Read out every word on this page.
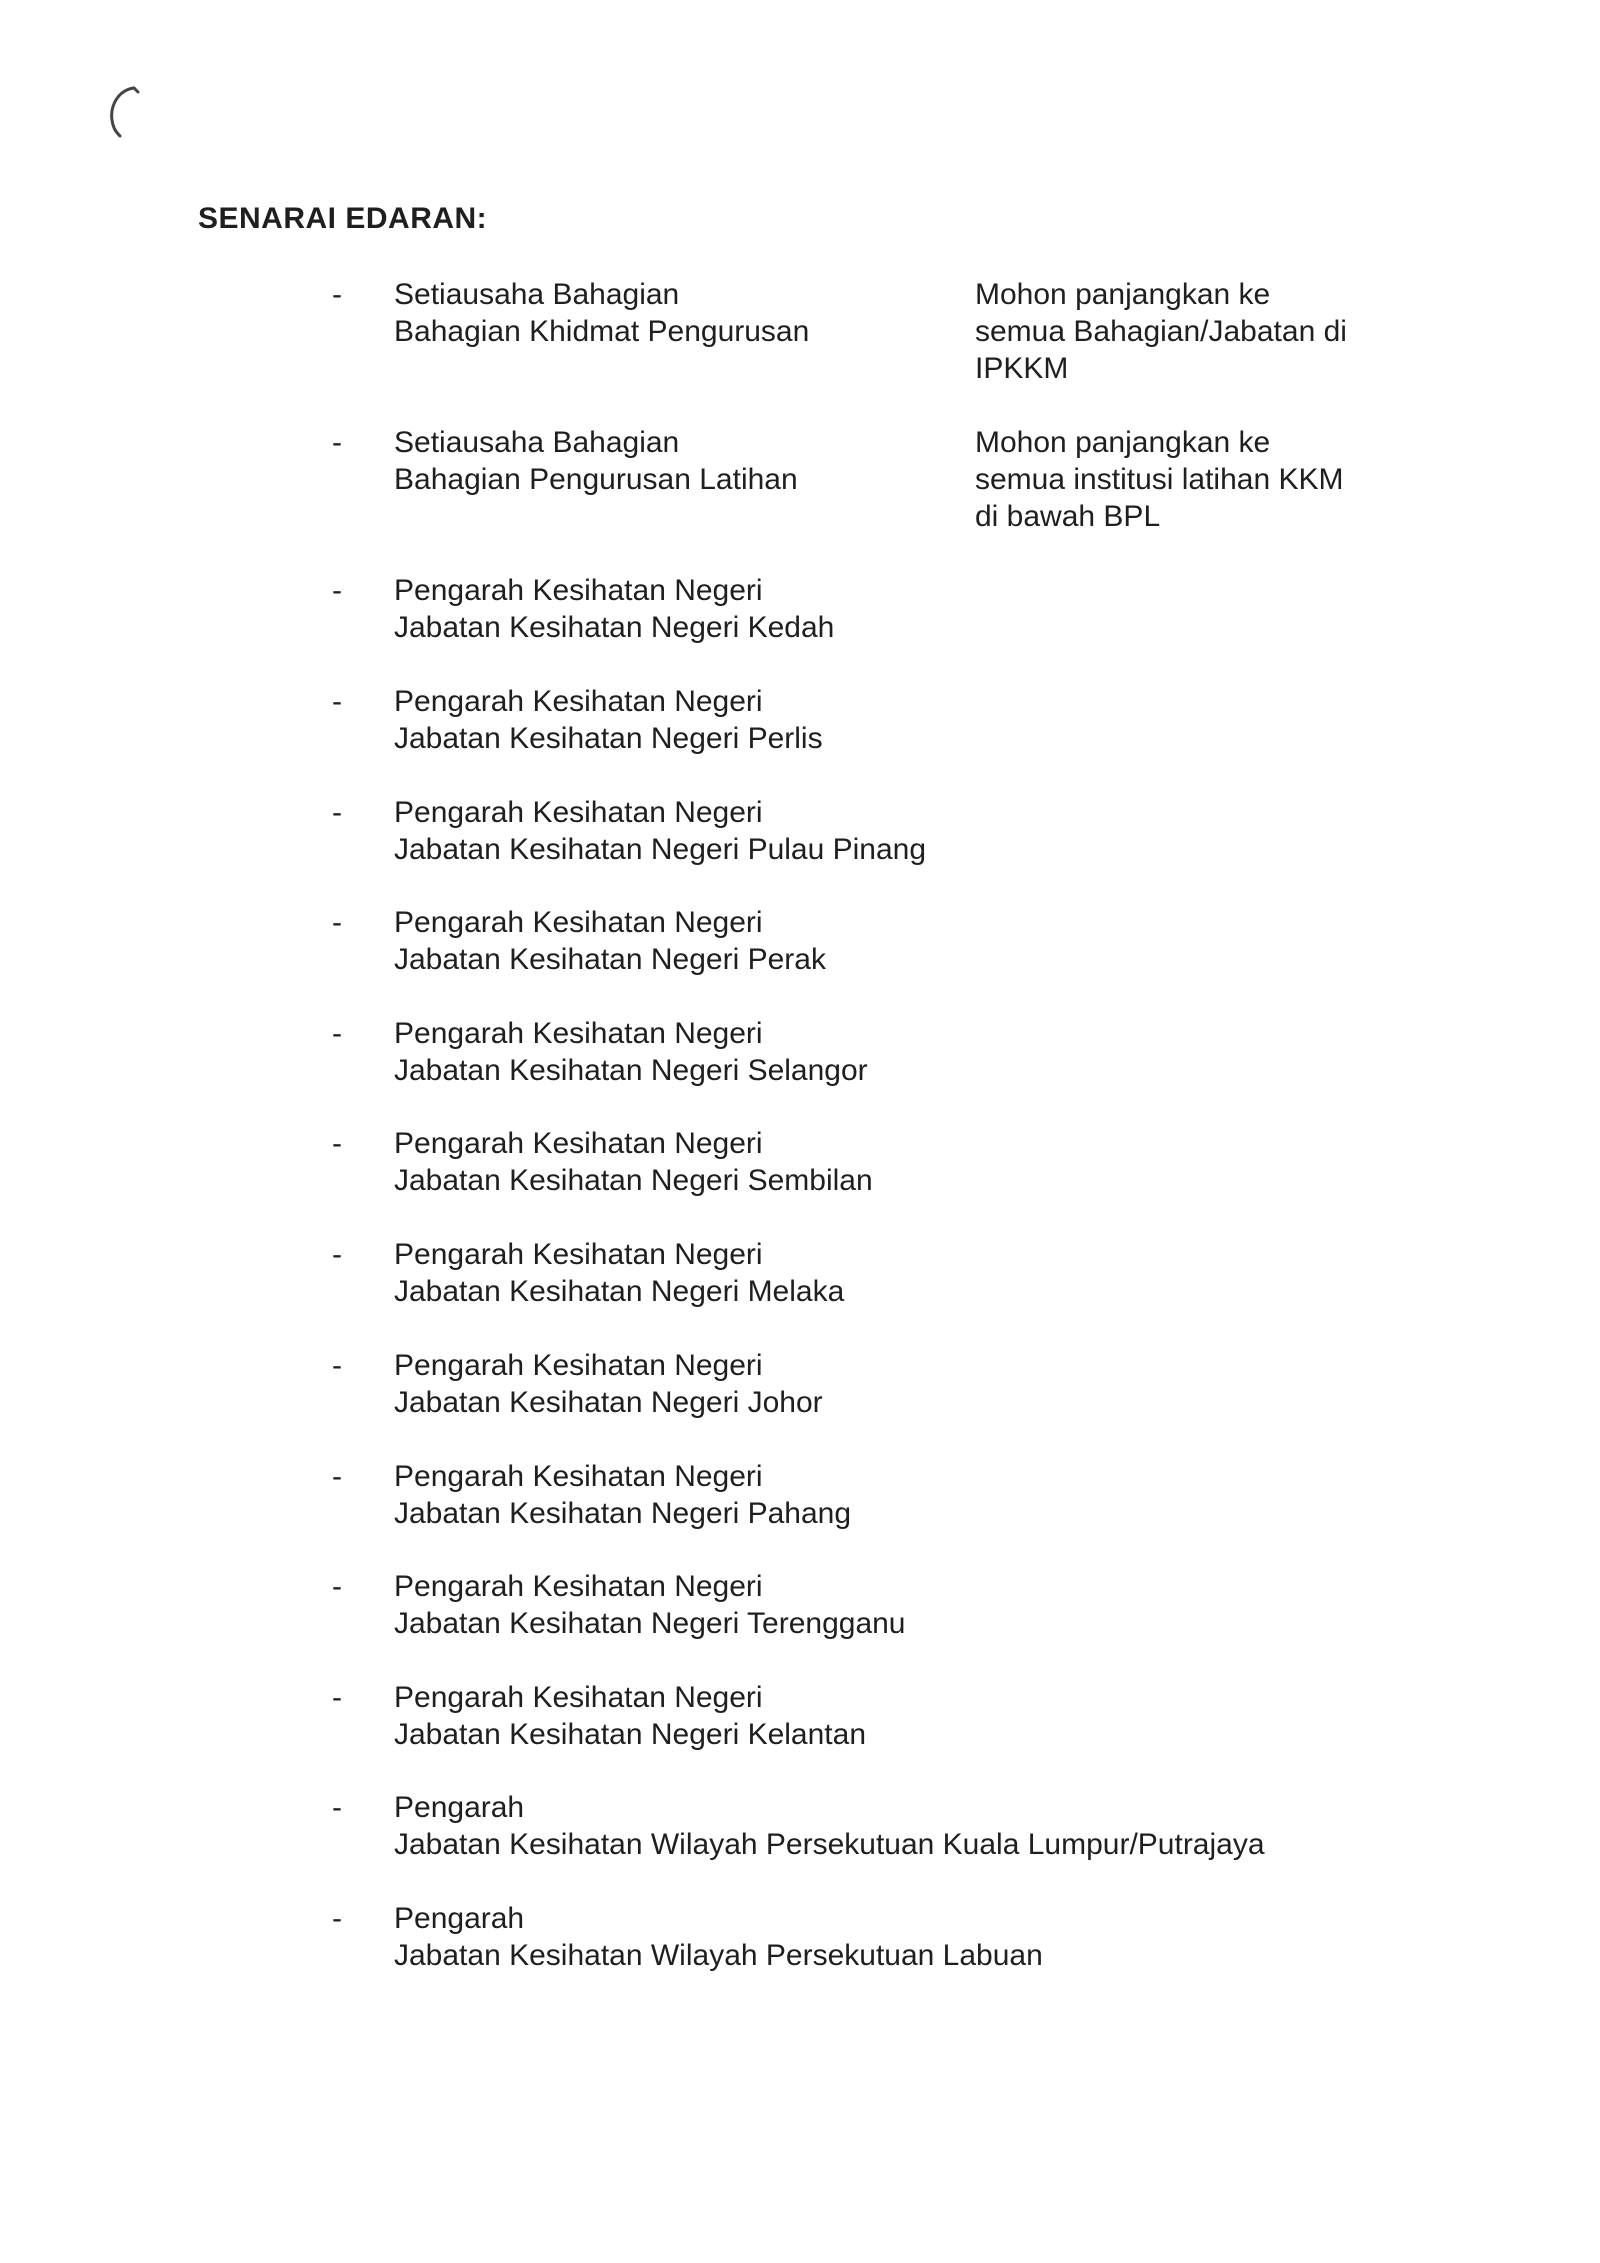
SENARAI EDARAN:
- Setiausaha Bahagian
Bahagian Khidmat Pengurusan
Mohon panjangkan ke
semua Bahagian/Jabatan di
IPKKM
- Setiausaha Bahagian
Bahagian Pengurusan Latihan
Mohon panjangkan ke
semua institusi latihan KKM
di bawah BPL
- Pengarah Kesihatan Negeri
Jabatan Kesihatan Negeri Kedah
- Pengarah Kesihatan Negeri
Jabatan Kesihatan Negeri Perlis
- Pengarah Kesihatan Negeri
Jabatan Kesihatan Negeri Pulau Pinang
- Pengarah Kesihatan Negeri
Jabatan Kesihatan Negeri Perak
- Pengarah Kesihatan Negeri
Jabatan Kesihatan Negeri Selangor
- Pengarah Kesihatan Negeri
Jabatan Kesihatan Negeri Sembilan
- Pengarah Kesihatan Negeri
Jabatan Kesihatan Negeri Melaka
- Pengarah Kesihatan Negeri
Jabatan Kesihatan Negeri Johor
- Pengarah Kesihatan Negeri
Jabatan Kesihatan Negeri Pahang
- Pengarah Kesihatan Negeri
Jabatan Kesihatan Negeri Terengganu
- Pengarah Kesihatan Negeri
Jabatan Kesihatan Negeri Kelantan
- Pengarah
Jabatan Kesihatan Wilayah Persekutuan Kuala Lumpur/Putrajaya
- Pengarah
Jabatan Kesihatan Wilayah Persekutuan Labuan
